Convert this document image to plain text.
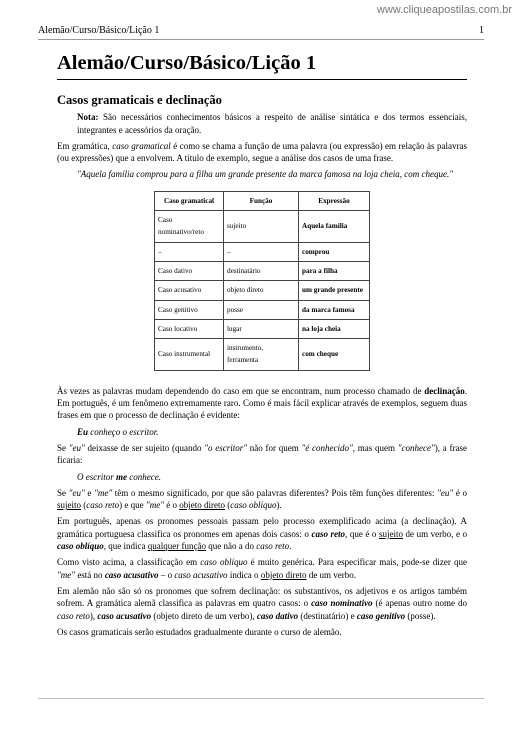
www.cliqueapostilas.com.br
Alemão/Curso/Básico/Lição 1	1
Alemão/Curso/Básico/Lição 1
Casos gramaticais e declinação

Nota: São necessários conhecimentos básicos a respeito de análise sintática e dos termos essenciais, integrantes e acessórios da oração.

Em gramática, caso gramatical é como se chama a função de uma palavra (ou expressão) em relação às palavras (ou expressões) que a envolvem. A título de exemplo, segue a análise dos casos de uma frase.

"Aquela família comprou para a filha um grande presente da marca famosa na loja cheia, com cheque."

Caso gramatical	Função	Expressão
Caso nominativo/reto	sujeito	Aquela família
–	–	comprou
Caso dativo	destinatário	para a filha
Caso acusativo	objeto direto	um grande presente
Caso genitivo	posse	da marca famosa
Caso locativo	lugar	na loja cheia
Caso instrumental	instrumento, ferramenta	com cheque

Às vezes as palavras mudam dependendo do caso em que se encontram, num processo chamado de declinação. Em português, é um fenômeno extremamente raro. Como é mais fácil explicar através de exemplos, seguem duas frases em que o processo de declinação é evidente:

Eu conheço o escritor.

Se "eu" deixasse de ser sujeito (quando "o escritor" não for quem "é conhecido", mas quem "conhece"), a frase ficaria:

O escritor me conhece.

Se "eu" e "me" têm o mesmo significado, por que são palavras diferentes? Pois têm funções diferentes: "eu" é o sujeito (caso reto) e que "me" é o objeto direto (caso oblíquo).

Em português, apenas os pronomes pessoais passam pelo processo exemplificado acima (a declinação). A gramática portuguesa classifica os pronomes em apenas dois casos: o caso reto, que é o sujeito de um verbo, e o caso oblíquo, que indica qualquer função que não a do caso reto.

Como visto acima, a classificação em caso oblíquo é muito genérica. Para especificar mais, pode-se dizer que "me" está no caso acusativo – o caso acusativo indica o objeto direto de um verbo.

Em alemão não são só os pronomes que sofrem declinação: os substantivos, os adjetivos e os artigos também sofrem. A gramática alemã classifica as palavras em quatro casos: o caso nominativo (é apenas outro nome do caso reto), caso acusativo (objeto direto de um verbo), caso dativo (destinatário) e caso genitivo (posse).

Os casos gramaticais serão estudados gradualmente durante o curso de alemão.
